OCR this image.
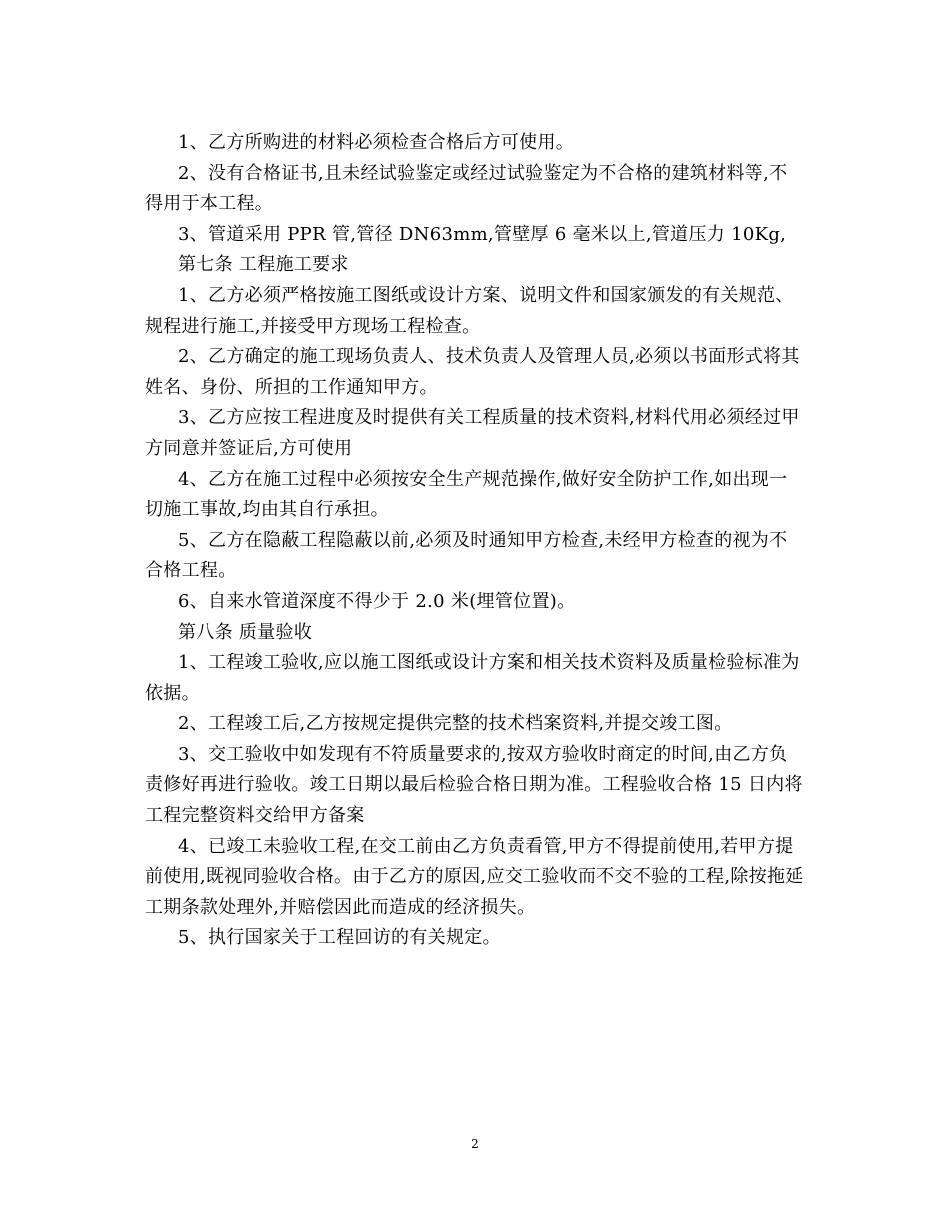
1、乙方所购进的材料必须检查合格后方可使用。

2、没有合格证书,且未经试验鉴定或经过试验鉴定为不合格的建筑材料等,不得用于本工程。

3、管道采用 PPR 管,管径 DN63mm,管壁厚 6 毫米以上,管道压力 10Kg,

第七条 工程施工要求

1、乙方必须严格按施工图纸或设计方案、说明文件和国家颁发的有关规范、规程进行施工,并接受甲方现场工程检查。

2、乙方确定的施工现场负责人、技术负责人及管理人员,必须以书面形式将其姓名、身份、所担的工作通知甲方。

3、乙方应按工程进度及时提供有关工程质量的技术资料,材料代用必须经过甲方同意并签证后,方可使用

4、乙方在施工过程中必须按安全生产规范操作,做好安全防护工作,如出现一切施工事故,均由其自行承担。

5、乙方在隐蔽工程隐蔽以前,必须及时通知甲方检查,未经甲方检查的视为不合格工程。

6、自来水管道深度不得少于 2.0 米(埋管位置)。

第八条 质量验收

1、工程竣工验收,应以施工图纸或设计方案和相关技术资料及质量检验标准为依据。

2、工程竣工后,乙方按规定提供完整的技术档案资料,并提交竣工图。

3、交工验收中如发现有不符质量要求的,按双方验收时商定的时间,由乙方负责修好再进行验收。竣工日期以最后检验合格日期为准。工程验收合格 15 日内将工程完整资料交给甲方备案

4、已竣工未验收工程,在交工前由乙方负责看管,甲方不得提前使用,若甲方提前使用,既视同验收合格。由于乙方的原因,应交工验收而不交不验的工程,除按拖延工期条款处理外,并赔偿因此而造成的经济损失。

5、执行国家关于工程回访的有关规定。

2
